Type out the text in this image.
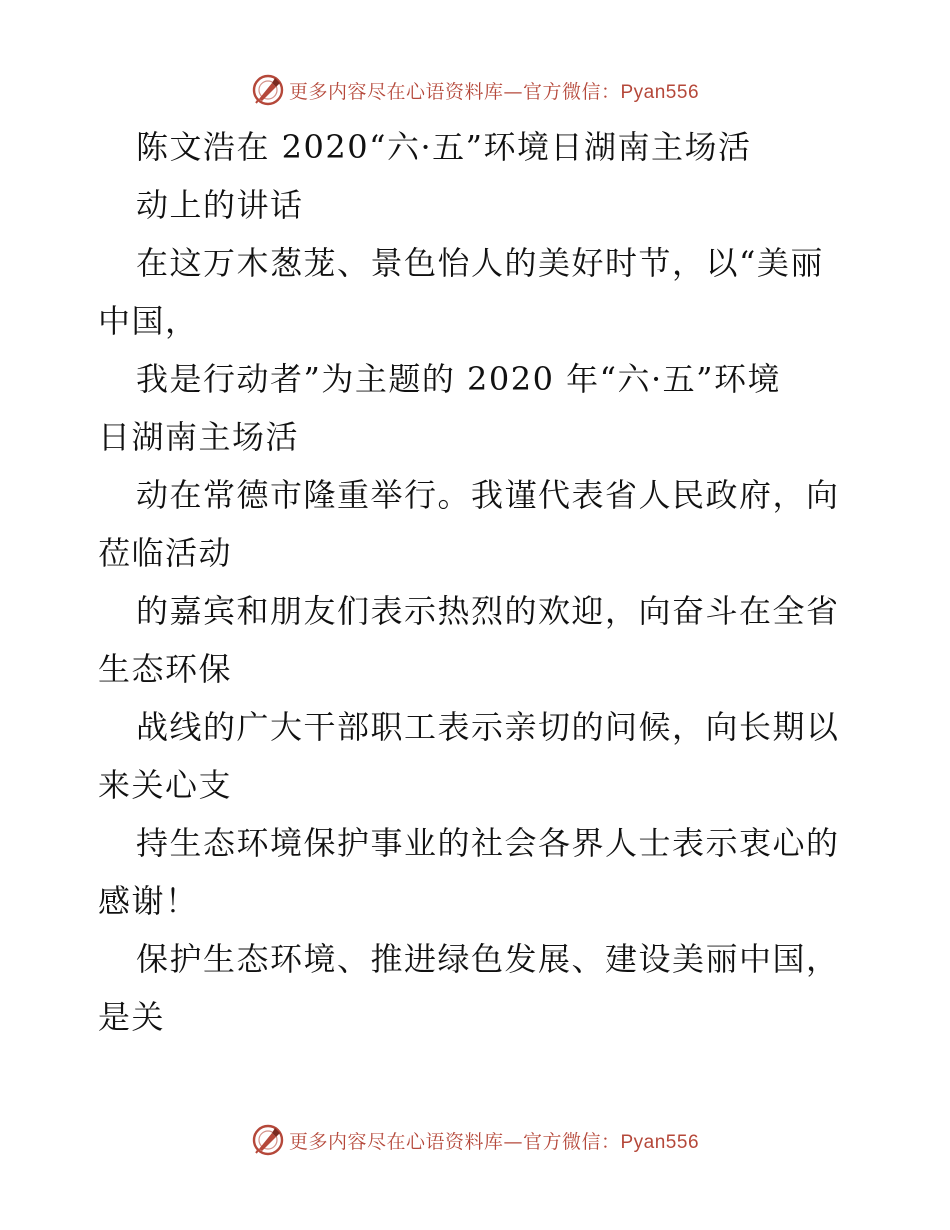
更多内容尽在心语资料库—官方微信：Pyan556
陈文浩在 2020“六·五”环境日湖南主场活
动上的讲话
在这万木葱茏、景色怡人的美好时节，以“美丽
中国，
我是行动者”为主题的 2020 年“六·五”环境
日湖南主场活
动在常德市隆重举行。我谨代表省人民政府，向
莅临活动
的嘉宾和朋友们表示热烈的欢迎，向奋斗在全省
生态环保
战线的广大干部职工表示亲切的问候，向长期以
来关心支
持生态环境保护事业的社会各界人士表示衷心的
感谢！
保护生态环境、推进绿色发展、建设美丽中国，
是关
更多内容尽在心语资料库—官方微信：Pyan556
